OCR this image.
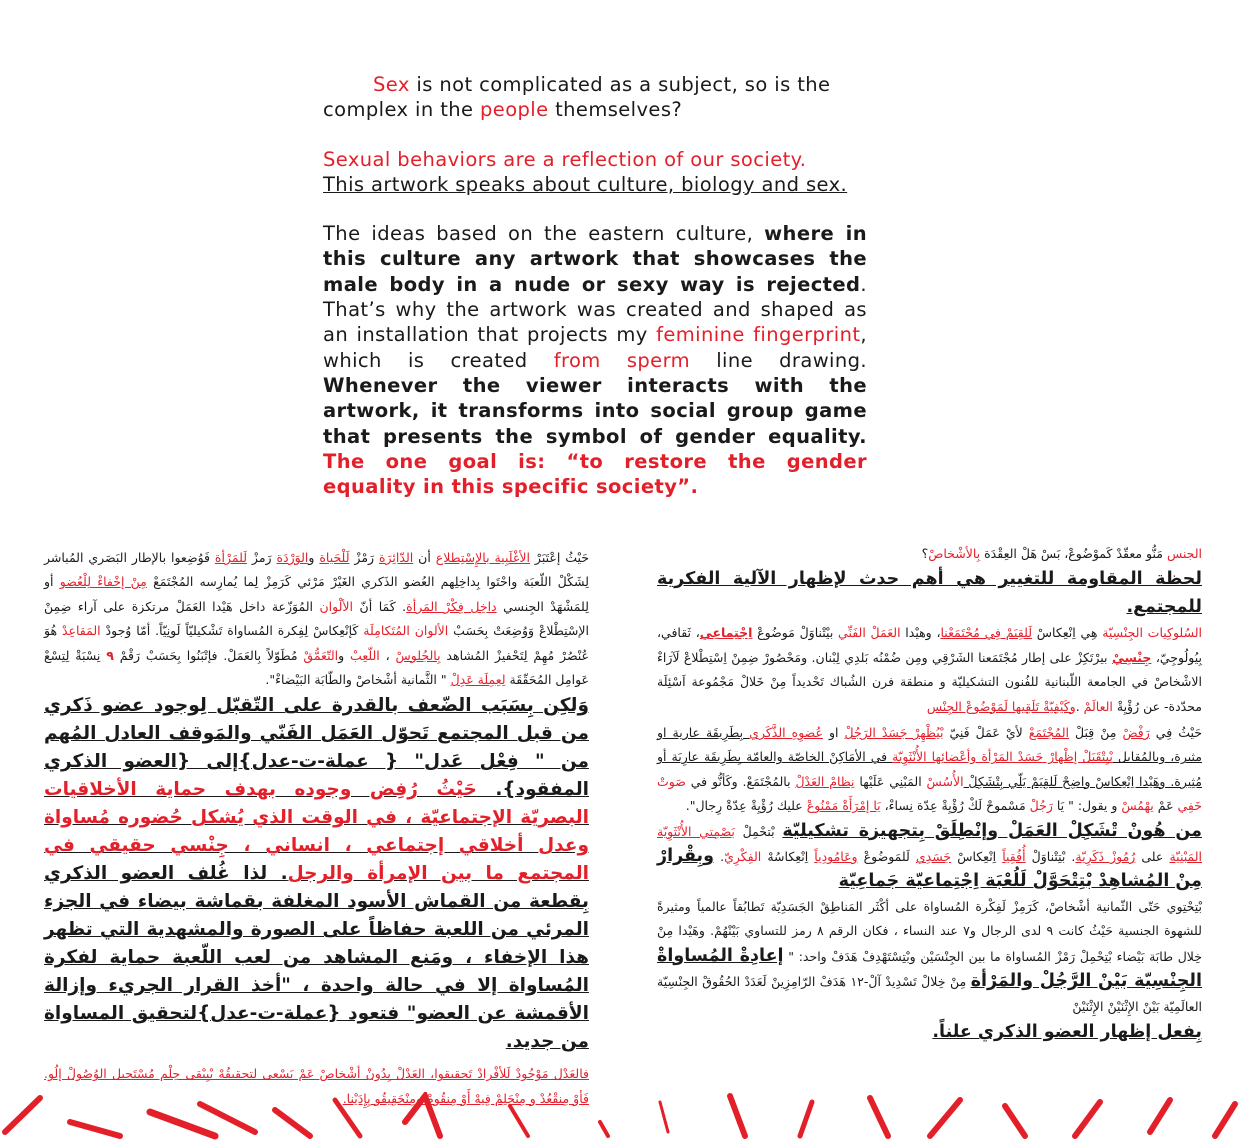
Sex is not complicated as a subject, so is the complex in the people themselves?

Sexual behaviors are a reflection of our society.

This artwork speaks about culture, biology and sex.

The ideas based on the eastern culture, where in this culture any artwork that showcases the male body in a nude or sexy way is rejected. That’s why the artwork was created and shaped as an installation that projects my feminine fingerprint, which is created from sperm line drawing. Whenever the viewer interacts with the artwork, it transforms into social group game that presents the symbol of gender equality. The one goal is: “to restore the gender equality in this specific society”.

الجنس مَنُّو معقّدْ كَموْضُوعْ، بَسْ هَلْ العِقْدَة بِالأشْخاصْ؟

لحظة المقاومة للتغيير هي أهم حدث لإظهار الآلية الفكرية للمجتمع.

السُلوكِيات الجِنْسِيّة هِي اِنْعِكاسْ لَلقِيَمْ فِي مُجْتَمَعْنا، وهيْدا العَمَلْ الفَنِّي بيْتْناوَلْ مَوضُوعْ اِجْتِماعِي، ثَقافي، بِيُولُوجِيّ، جِنْسِيْ بيرْتَكِزْ على إطار مُجْتَمَعنا الشَرْقِي ومِن ضُمْنُه بَلدِي لِبْنان. ومَحْصُورْ ضِمِنْ اِسْتِطْلاعْ لَآرَاءْ الاشْخاصْ في الجامعة اللّبنانية للفُنون التشكيليّة و منطقة فرن الشُباك تَحْديداً مِنْ خَلالْ مَجْمُوعة اَسْئِلَة محدّدة- عن رُؤْيِةْ العالَمْ .وكَيْفِيّةْ تَلَقِيها لَمَوْضُوعْ الجِنْس

حَيْثُ فِي رَفْضْ مِنْ قِبَلْ المُجْتَمَعْ لأيْ عَمَلْ فَنِيّ بْيُظْهِرْ جَسَدْ الرَجُلْ او عُضوِهِ الذَّكَري بِطَرِيقَة عارية او مثيرة، وبالمُقابل بْيِتْقَبَلْ إظْهارْ جَسَدْ المَرْأة وأعْضائِها الأُنْثَوِيّة في الأمَاكِنْ الخاصّة والعامّة بِطَرِيقَة عارِيَة أو مُثِيرة. وهَيْدا اِنْعِكاسْ واضِحْ لَلقِيَمْ يَلّي بِتْشَكِلْ الأُسُسْ المَبْنِي عَلَيْها نِظامْ العَدْلْ بالمُجْتَمَعْ. وكَأنُّو في صَوتْ خَفِي عَمْ يهْمُسْ و يقول: " يَا رَجُلْ مَسْموحْ لَكْ رُؤْيِةْ عِدّة نِساءْ، يَا إمْرَأَةْ مَمْنُوعْ عليك رُؤْيِةْ عِدّةْ رِجال".

من هُونْ تْشَكِلْ العَمَلْ وإنْطِلَقْ بِتجهيزة تشكيليّة بْتحْمِلْ بَصْمِتي الأُنْثَوِيّة المَبْنِيّة على رُمُوزْ ذَكَرِيّة. بْتِتْناوَلْ أُفُقِياً اِنْعِكاسْ جَسَدِي لَلمَوضُوعْ وعَامُودِياً اِنْعِكاسُهْ الفِكْرِيّ. وبِقْرارْ مِنْ المُشاهِدْ بْتِتْحَوَّلْ لَلُعْبَة اِجْتِماعيّة جَماعِيّة

بْتِحْتِوي حَتّى الثّمانية أشْخاصْ، كَرَمِزْ لَفِكْرة المُساواة على أكْثَر المَناطِقْ الجَسَدِيّة تَطابُقاً عالمياً ومثيرةً للشهوة الجنسية حَيْثُ كانت ٩ لدى الرجال و٧ عند النساء ، فكان الرقم ٨ رمز للتساوي بَيْنْهُمْ. وهَيْدا مِنْ خِلال طابَة بَيْضاء بْتِحْمِلْ رَمْزْ المُساواة ما بين الجِنْسَيْن وبْتِسْتَهْدِفْ هَدَفْ واحد: " إعادِةْ المُساواةْ الجِنْسِيّة بَيْنْ الرَّجُلْ والمَرْأة مِنْ خِلالْ تَسْدِيدْ آلْ-١٢ هَدَفْ الرّامِزِينْ لَعَدَدْ الحُقُوقْ الجِنْسِيّة العالَمِيّة بَيْنْ الإِثْنَيْنْ الإِثْنَيْنْ

بِفعل إظهار العضو الذكري علناً.

حَيْثُ إعْتَبَرْ الأغْلَبِية بالإِسْتِطلاع أن الدّائِرَة رَمْزْ لَلْحَياة والوَرْدَة رَمزْ لَلمَرْأة فَوُضِعوا بالإطار البَصَري المُباشر لِشَكْلْ اللّعبَة واحْتَوا بِداخِلِهم العُضو الذَكري الغَيْرْ مَرْئي كَرَمِزْ لِما يُمارِسه المُجْتَمَعْ مِنْ إخْفاءْ لِلْعُضو أو لِلمَشْهَدْ الجِنسي داخِل فِكْرْ المَرأة. كَمَا أنّ الألْوان المُوَزّعة داخل هَيْدا العَمَلْ مرتكزة على آراء ضِمِنْ الإسْتِطْلاعْ وَوُضِعَتْ بِحَسَبْ الألوان المُتَكامِلَة كَإنْعِكاسْ لِفِكرة المُساواة تَشْكيليّاً لَونِيّاً. أمّا وُجودْ المَقاعِدْ هُوَ عُنْصُرْ مُهِمْ لِتَحْفيزْ المُشاهد بِالجُلوسْ ، اللّعِبْ والتّعَمُّقْ مُطَوّلاً بِالعَمَلْ. فإتْبَنُوا بِحَسَبْ رَقْمْ ٩ نِسْبَةْ لِتِسْعْ عَوامِل المُحَقّقَة لِعِمِلَة عَدِلْ " الثَّمانية أشْخاصْ والطّابَة البَيْضاءْ".

وَلكِن بِسَبَب الضّعف بالقدرة على التّقبّل لِوجود عضو ذَكري من قبل المجتمع تَحوّل العَمَل الفَنّي والمَوقف العادل المُهم من " فِعْل عَدل" { عملة-ت-عدل}إلى {العضو الذكري المفقود}. حَيْثُ رُفِض وجوده بهدف حماية الأخلاقيات البصريّة الإجتماعيّة ، في الوقت الذي يُشكل حُضوره مُساواة وعدل أخلاقي إجتماعي ، انساني ، جِنْسي حقيقي في المجتمع ما بين الإمرأة والرجل. لذا غُلف العضو الذكري بِقطعة من القماش الأسود المغلفة بقماشة بيضاء في الجزء المرئي من اللعبة حفاظاً على الصورة والمشهدية التي تظهر هذا الإخفاء ، ومَنع المشاهد من لعب اللّعبة حماية لفكرة المُساواة إلا في حالة واحدة ، "أخذ القرار الجريء وإزالة الأقمشة عن العضو" فتعود {عملة-ت-عدل}لتحقيق المساواة من جديد.

فالعَدْل مَوْجُودْ لَلأفْرادْ تَحقيقوا، العَدْلْ بِدُونْ أشْخاصْ عَمْ يَسْعى لتحقيقُهْ بْيِبْقى حِلْم مُسْتَحيل الوُصُولْ إلُو. فَأوْ مِنقْعُدْ و مِنْحَلِمْ فِيهْ أَوْ مِنقُومْ ومِنْحَقِيقُو بِإِدَيْنا.
